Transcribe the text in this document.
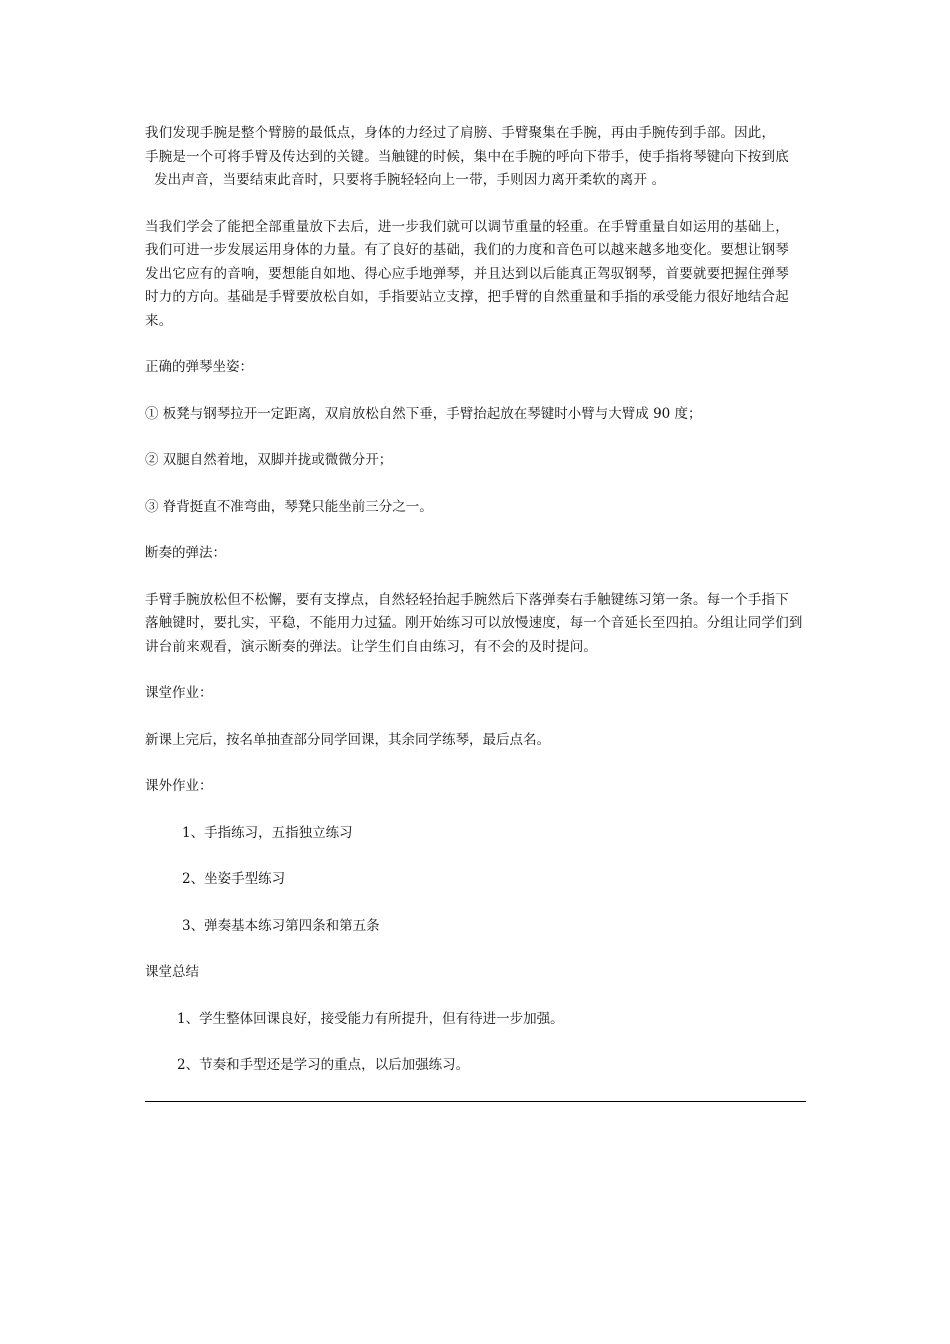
我们发现手腕是整个臂膀的最低点，身体的力经过了肩膀、手臂聚集在手腕，再由手腕传到手部。因此，
手腕是一个可将手臂及传达到的关键。当触键的时候，集中在手腕的呼向下带手，使手指将琴键向下按到底
发出声音，当要结束此音时，只要将手腕轻轻向上一带，手则因力离开柔软的离开 。
当我们学会了能把全部重量放下去后，进一步我们就可以调节重量的轻重。在手臂重量自如运用的基础上，
我们可进一步发展运用身体的力量。有了良好的基础，我们的力度和音色可以越来越多地变化。要想让钢琴
发出它应有的音响，要想能自如地、得心应手地弹琴，并且达到以后能真正驾驭钢琴，首要就要把握住弹琴
时力的方向。基础是手臂要放松自如，手指要站立支撑，把手臂的自然重量和手指的承受能力很好地结合起
来。
正确的弹琴坐姿：
① 板凳与钢琴拉开一定距离，双肩放松自然下垂，手臂抬起放在琴键时小臂与大臂成 90 度；
② 双腿自然着地，双脚并拢或微微分开；
③ 脊背挺直不准弯曲，琴凳只能坐前三分之一。
断奏的弹法：
手臂手腕放松但不松懈，要有支撑点，自然轻轻抬起手腕然后下落弹奏右手触键练习第一条。每一个手指下
落触键时，要扎实，平稳，不能用力过猛。刚开始练习可以放慢速度，每一个音延长至四拍。分组让同学们到
讲台前来观看，演示断奏的弹法。让学生们自由练习，有不会的及时提问。
课堂作业：
新课上完后，按名单抽查部分同学回课，其余同学练琴，最后点名。
课外作业：
1、手指练习，五指独立练习
2、坐姿手型练习
3、弹奏基本练习第四条和第五条
课堂总结
1、学生整体回课良好，接受能力有所提升，但有待进一步加强。
2、节奏和手型还是学习的重点，以后加强练习。
